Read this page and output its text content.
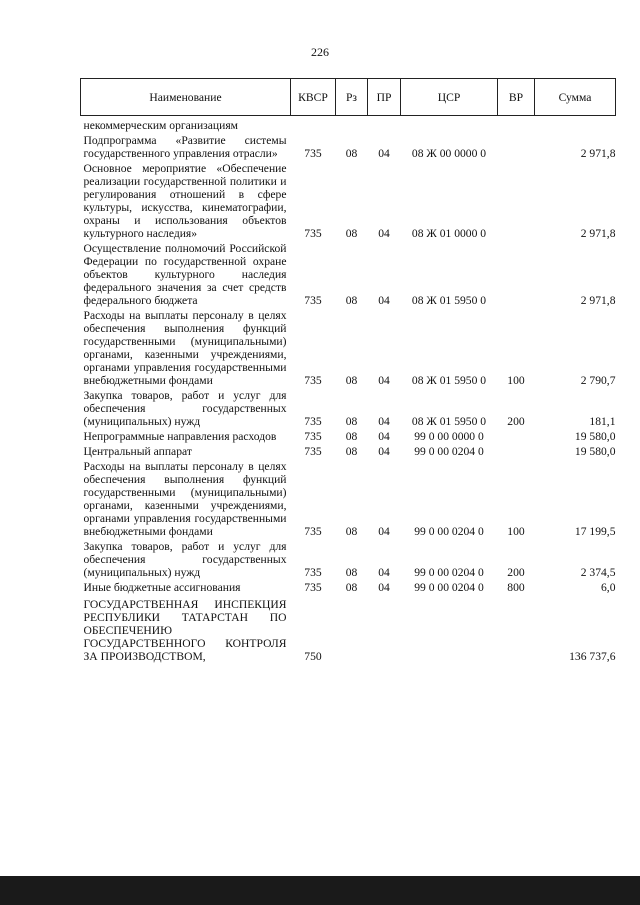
226
Наименование	КВСР	Рз	ПР	ЦСР	ВР	Сумма
некоммерческим организациям						
Подпрограмма «Развитие системы государственного управления отрасли»	735	08	04	08 Ж 00 0000 0		2 971,8
Основное мероприятие «Обеспечение реализации государственной политики и регулирования отношений в сфере культуры, искусства, кинематографии, охраны и использования объектов культурного наследия»	735	08	04	08 Ж 01 0000 0		2 971,8
Осуществление полномочий Российской Федерации по государственной охране объектов культурного наследия федерального значения за счет средств федерального бюджета	735	08	04	08 Ж 01 5950 0		2 971,8
Расходы на выплаты персоналу в целях обеспечения выполнения функций государственными (муниципальными) органами, казенными учреждениями, органами управления государственными внебюджетными фондами	735	08	04	08 Ж 01 5950 0	100	2 790,7
Закупка товаров, работ и услуг для обеспечения государственных (муниципальных) нужд	735	08	04	08 Ж 01 5950 0	200	181,1
Непрограммные направления расходов	735	08	04	99 0 00 0000 0		19 580,0
Центральный аппарат	735	08	04	99 0 00 0204 0		19 580,0
Расходы на выплаты персоналу в целях обеспечения выполнения функций государственными (муниципальными) органами, казенными учреждениями, органами управления государственными внебюджетными фондами	735	08	04	99 0 00 0204 0	100	17 199,5
Закупка товаров, работ и услуг для обеспечения государственных (муниципальных) нужд	735	08	04	99 0 00 0204 0	200	2 374,5
Иные бюджетные ассигнования	735	08	04	99 0 00 0204 0	800	6,0
ГОСУДАРСТВЕННАЯ ИНСПЕКЦИЯ РЕСПУБЛИКИ ТАТАРСТАН ПО ОБЕСПЕЧЕНИЮ ГОСУДАРСТВЕННОГО КОНТРОЛЯ ЗА ПРОИЗВОДСТВОМ,	750					136 737,6
